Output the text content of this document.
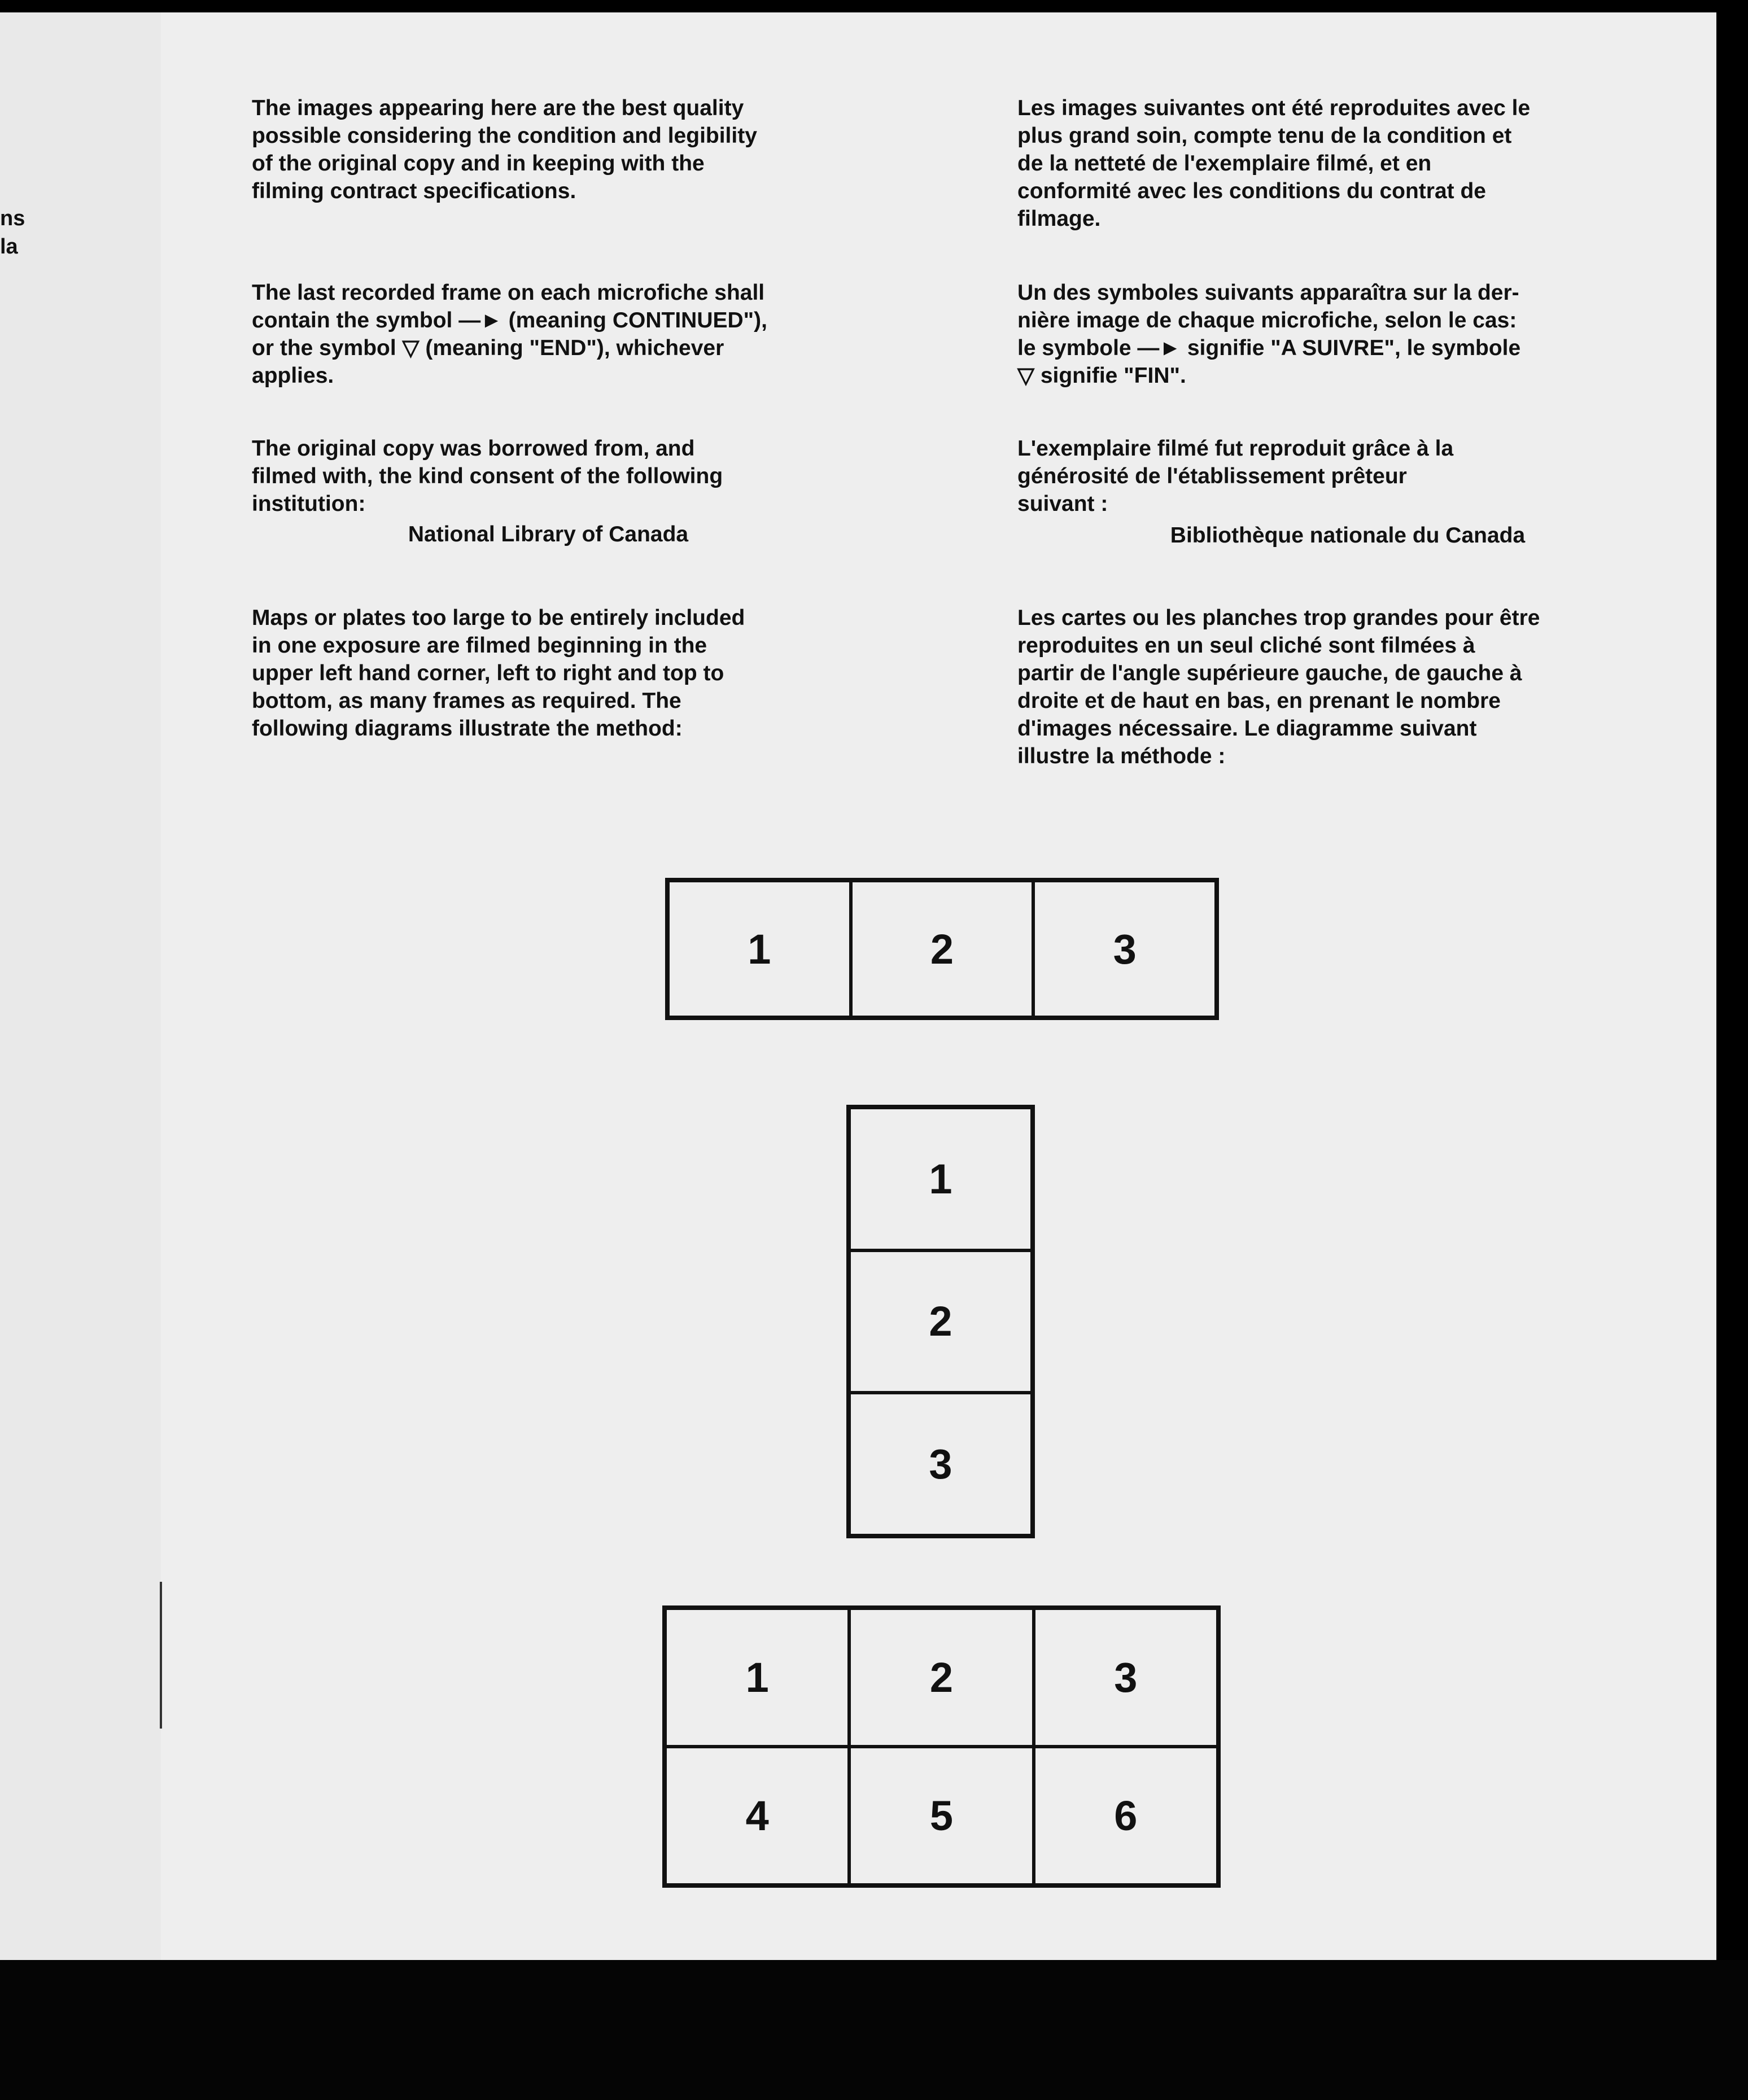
ns
la

The images appearing here are the best quality
possible considering the condition and legibility
of the original copy and in keeping with the
filming contract specifications.

The last recorded frame on each microfiche shall
contain the symbol —► (meaning CONTINUED"),
or the symbol ▽ (meaning "END"), whichever
applies.

The original copy was borrowed from, and
filmed with, the kind consent of the following
institution:

National Library of Canada

Maps or plates too large to be entirely included
in one exposure are filmed beginning in the
upper left hand corner, left to right and top to
bottom, as many frames as required. The
following diagrams illustrate the method:

Les images suivantes ont été reproduites avec le
plus grand soin, compte tenu de la condition et
de la netteté de l'exemplaire filmé, et en
conformité avec les conditions du contrat de
filmage.

Un des symboles suivants apparaîtra sur la der-
nière image de chaque microfiche, selon le cas:
le symbole —► signifie "A SUIVRE", le symbole
▽ signifie "FIN".

L'exemplaire filmé fut reproduit grâce à la
générosité de l'établissement prêteur
suivant :

Bibliothèque nationale du Canada

Les cartes ou les planches trop grandes pour être
reproduites en un seul cliché sont filmées à
partir de l'angle supérieure gauche, de gauche à
droite et de haut en bas, en prenant le nombre
d'images nécessaire. Le diagramme suivant
illustre la méthode :

1	2	3
1
2
3
1	2	3
4	5	6
